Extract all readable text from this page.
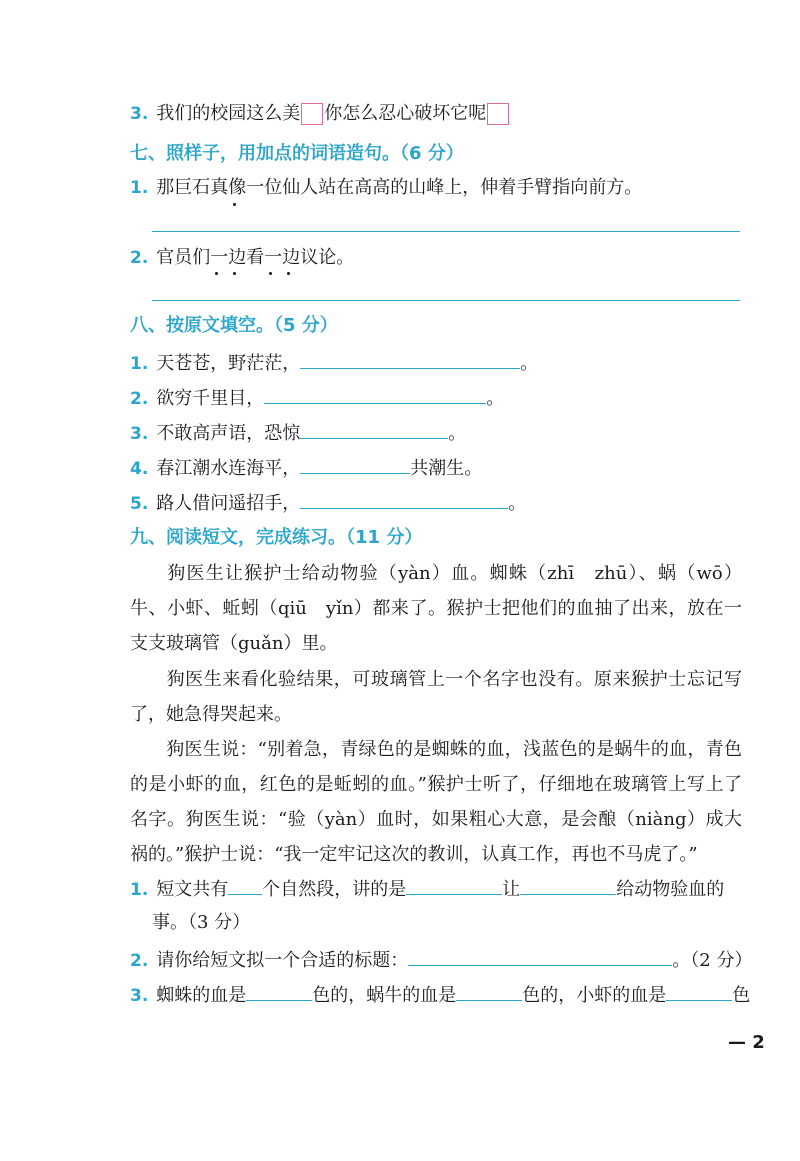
3. 我们的校园这么美 你怎么忍心破坏它呢
七、照样子，用加点的词语造句。（6 分）
1. 那巨石真像一位仙人站在高高的山峰上，伸着手臂指向前方。
2. 官员们一边看一边议论。
八、按原文填空。（5 分）
1. 天苍苍，野茫茫，	。
2. 欲穷千里目，	。
3. 不敢高声语，恐惊	。
4. 春江潮水连海平，	共潮生。
5. 路人借问遥招手，	。
九、阅读短文，完成练习。（11 分）
狗医生让猴护士给动物验（yàn）血。蜘蛛（zhī　zhū）、蜗（wō）牛、小虾、蚯蚓（qiū　yǐn）都来了。猴护士把他们的血抽了出来，放在一支支玻璃管（guǎn）里。
狗医生来看化验结果，可玻璃管上一个名字也没有。原来猴护士忘记写了，她急得哭起来。
狗医生说：“别着急，青绿色的是蜘蛛的血，浅蓝色的是蜗牛的血，青色的是小虾的血，红色的是蚯蚓的血。”猴护士听了，仔细地在玻璃管上写上了名字。狗医生说：“验（yàn）血时，如果粗心大意，是会酿（niàng）成大祸的。”猴护士说：“我一定牢记这次的教训，认真工作，再也不马虎了。”
1. 短文共有 个自然段，讲的是	让	给动物验血的
事。（3 分）
2. 请你给短文拟一个合适的标题：	。（2 分）
3. 蜘蛛的血是	色的，蜗牛的血是	色的，小虾的血是	色
— 2
